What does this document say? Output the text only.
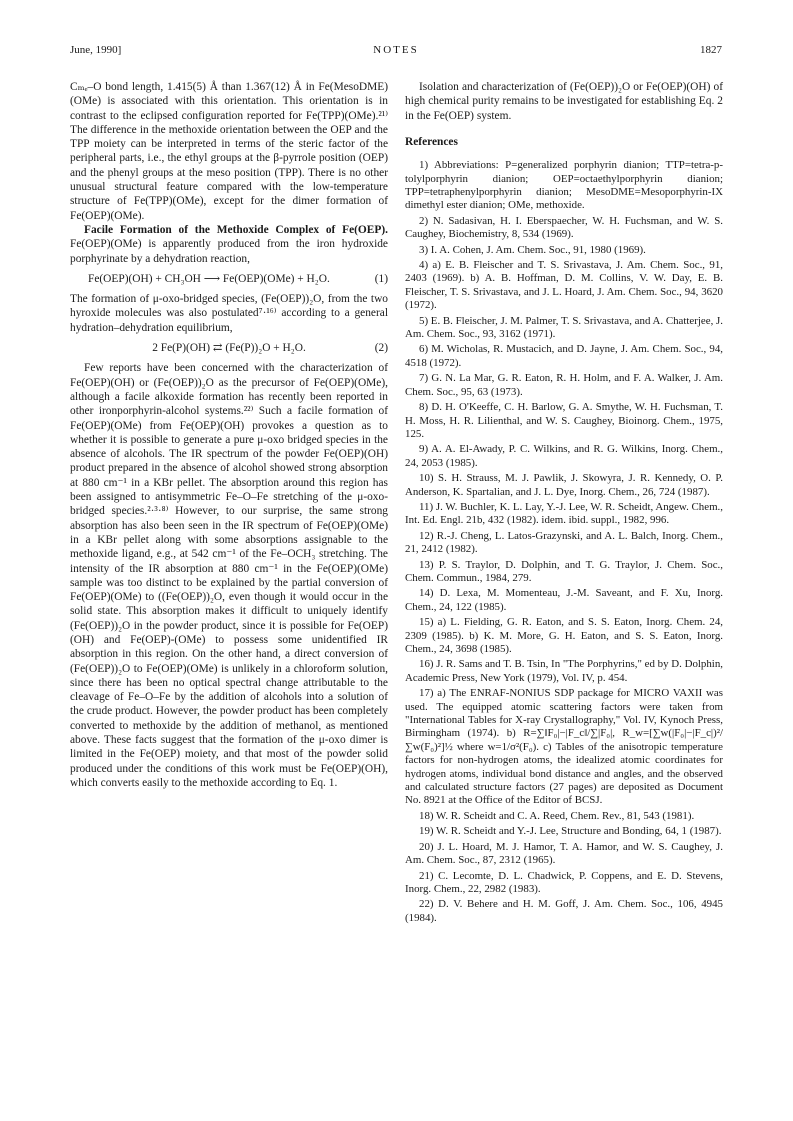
June, 1990]	NOTES	1827

Cₘₑ–O bond length, 1.415(5) Å than 1.367(12) Å in Fe(MesoDME)(OMe) is associated with this orientation. This orientation is in contrast to the eclipsed configuration reported for Fe(TPP)(OMe).²¹⁾ The difference in the methoxide orientation between the OEP and the TPP moiety can be interpreted in terms of the steric factor of the peripheral parts, i.e., the ethyl groups at the β-pyrrole position (OEP) and the phenyl groups at the meso position (TPP). There is no other unusual structural feature compared with the low-temperature structure of Fe(TPP)(OMe), except for the dimer formation of Fe(OEP)(OMe).

Facile Formation of the Methoxide Complex of Fe(OEP). Fe(OEP)(OMe) is apparently produced from the iron hydroxide porphyrinate by a dehydration reaction,

Fe(OEP)(OH) + CH₃OH ⟶ Fe(OEP)(OMe) + H₂O.	(1)

The formation of μ-oxo-bridged species, (Fe(OEP))₂O, from the two hyroxide molecules was also postulated⁷·¹⁶⁾ according to a general hydration–dehydration equilibrium,

2 Fe(P)(OH) ⇄ (Fe(P))₂O + H₂O.	(2)

Few reports have been concerned with the characterization of Fe(OEP)(OH) or (Fe(OEP))₂O as the precursor of Fe(OEP)(OMe), although a facile alkoxide formation has recently been reported in other ironporphyrin-alcohol systems.²²⁾ Such a facile formation of Fe(OEP)(OMe) from Fe(OEP)(OH) provokes a question as to whether it is possible to generate a pure μ-oxo bridged species in the absence of alcohols. The IR spectrum of the powder Fe(OEP)(OH) product prepared in the absence of alcohol showed strong absorption at 880 cm⁻¹ in a KBr pellet. The absorption around this region has been assigned to antisymmetric Fe–O–Fe stretching of the μ-oxo-bridged species.²·³·⁸⁾ However, to our surprise, the same strong absorption has also been seen in the IR spectrum of Fe(OEP)(OMe) in a KBr pellet along with some absorptions assignable to the methoxide ligand, e.g., at 542 cm⁻¹ of the Fe–OCH₃ stretching. The intensity of the IR absorption at 880 cm⁻¹ in the Fe(OEP)(OMe) sample was too distinct to be explained by the partial conversion of Fe(OEP)(OMe) to ((Fe(OEP))₂O, even though it would occur in the solid state. This absorption makes it difficult to uniquely identify (Fe(OEP))₂O in the powder product, since it is possible for Fe(OEP)(OH) and Fe(OEP)-(OMe) to possess some unidentified IR absorption in this region. On the other hand, a direct conversion of (Fe(OEP))₂O to Fe(OEP)(OMe) is unlikely in a chloroform solution, since there has been no optical spectral change attributable to the cleavage of Fe–O–Fe by the addition of alcohols into a solution of the crude product. However, the powder product has been completely converted to methoxide by the addition of methanol, as mentioned above. These facts suggest that the formation of the μ-oxo dimer is limited in the Fe(OEP) moiety, and that most of the powder solid produced under the conditions of this work must be Fe(OEP)(OH), which converts easily to the methoxide according to Eq. 1.

Isolation and characterization of (Fe(OEP))₂O or Fe(OEP)(OH) of high chemical purity remains to be investigated for establishing Eq. 2 in the Fe(OEP) system.

References

1) Abbreviations: P=generalized porphyrin dianion; TTP=tetra-p-tolylporphyrin dianion; OEP=octaethylporphyrin dianion; TPP=tetraphenylporphyrin dianion; MesoDME=Mesoporphyrin-IX dimethyl ester dianion; OMe, methoxide.

2) N. Sadasivan, H. I. Eberspaecher, W. H. Fuchsman, and W. S. Caughey, Biochemistry, 8, 534 (1969).

3) I. A. Cohen, J. Am. Chem. Soc., 91, 1980 (1969).

4) a) E. B. Fleischer and T. S. Srivastava, J. Am. Chem. Soc., 91, 2403 (1969). b) A. B. Hoffman, D. M. Collins, V. W. Day, E. B. Fleischer, T. S. Srivastava, and J. L. Hoard, J. Am. Chem. Soc., 94, 3620 (1972).

5) E. B. Fleischer, J. M. Palmer, T. S. Srivastava, and A. Chatterjee, J. Am. Chem. Soc., 93, 3162 (1971).

6) M. Wicholas, R. Mustacich, and D. Jayne, J. Am. Chem. Soc., 94, 4518 (1972).

7) G. N. La Mar, G. R. Eaton, R. H. Holm, and F. A. Walker, J. Am. Chem. Soc., 95, 63 (1973).

8) D. H. O'Keeffe, C. H. Barlow, G. A. Smythe, W. H. Fuchsman, T. H. Moss, H. R. Lilienthal, and W. S. Caughey, Bioinorg. Chem., 1975, 125.

9) A. A. El-Awady, P. C. Wilkins, and R. G. Wilkins, Inorg. Chem., 24, 2053 (1985).

10) S. H. Strauss, M. J. Pawlik, J. Skowyra, J. R. Kennedy, O. P. Anderson, K. Spartalian, and J. L. Dye, Inorg. Chem., 26, 724 (1987).

11) J. W. Buchler, K. L. Lay, Y.-J. Lee, W. R. Scheidt, Angew. Chem., Int. Ed. Engl. 21b, 432 (1982). idem. ibid. suppl., 1982, 996.

12) R.-J. Cheng, L. Latos-Grazynski, and A. L. Balch, Inorg. Chem., 21, 2412 (1982).

13) P. S. Traylor, D. Dolphin, and T. G. Traylor, J. Chem. Soc., Chem. Commun., 1984, 279.

14) D. Lexa, M. Momenteau, J.-M. Saveant, and F. Xu, Inorg. Chem., 24, 122 (1985).

15) a) L. Fielding, G. R. Eaton, and S. S. Eaton, Inorg. Chem. 24, 2309 (1985). b) K. M. More, G. H. Eaton, and S. S. Eaton, Inorg. Chem., 24, 3698 (1985).

16) J. R. Sams and T. B. Tsin, In "The Porphyrins," ed by D. Dolphin, Academic Press, New York (1979), Vol. IV, p. 454.

17) a) The ENRAF-NONIUS SDP package for MICRO VAXII was used. The equipped atomic scattering factors were taken from "International Tables for X-ray Crystallography," Vol. IV, Kynoch Press, Birmingham (1974). b) R=∑‖F₀|−|F_c‖/∑|F₀|, R_w=[∑w(|F₀|−|F_c|)²/∑w(F₀)²]½ where w=1/σ²(F₀). c) Tables of the anisotropic temperature factors for non-hydrogen atoms, the idealized atomic coordinates for hydrogen atoms, individual bond distance and angles, and the observed and calculated structure factors (27 pages) are deposited as Document No. 8921 at the Office of the Editor of BCSJ.

18) W. R. Scheidt and C. A. Reed, Chem. Rev., 81, 543 (1981).

19) W. R. Scheidt and Y.-J. Lee, Structure and Bonding, 64, 1 (1987).

20) J. L. Hoard, M. J. Hamor, T. A. Hamor, and W. S. Caughey, J. Am. Chem. Soc., 87, 2312 (1965).

21) C. Lecomte, D. L. Chadwick, P. Coppens, and E. D. Stevens, Inorg. Chem., 22, 2982 (1983).

22) D. V. Behere and H. M. Goff, J. Am. Chem. Soc., 106, 4945 (1984).
